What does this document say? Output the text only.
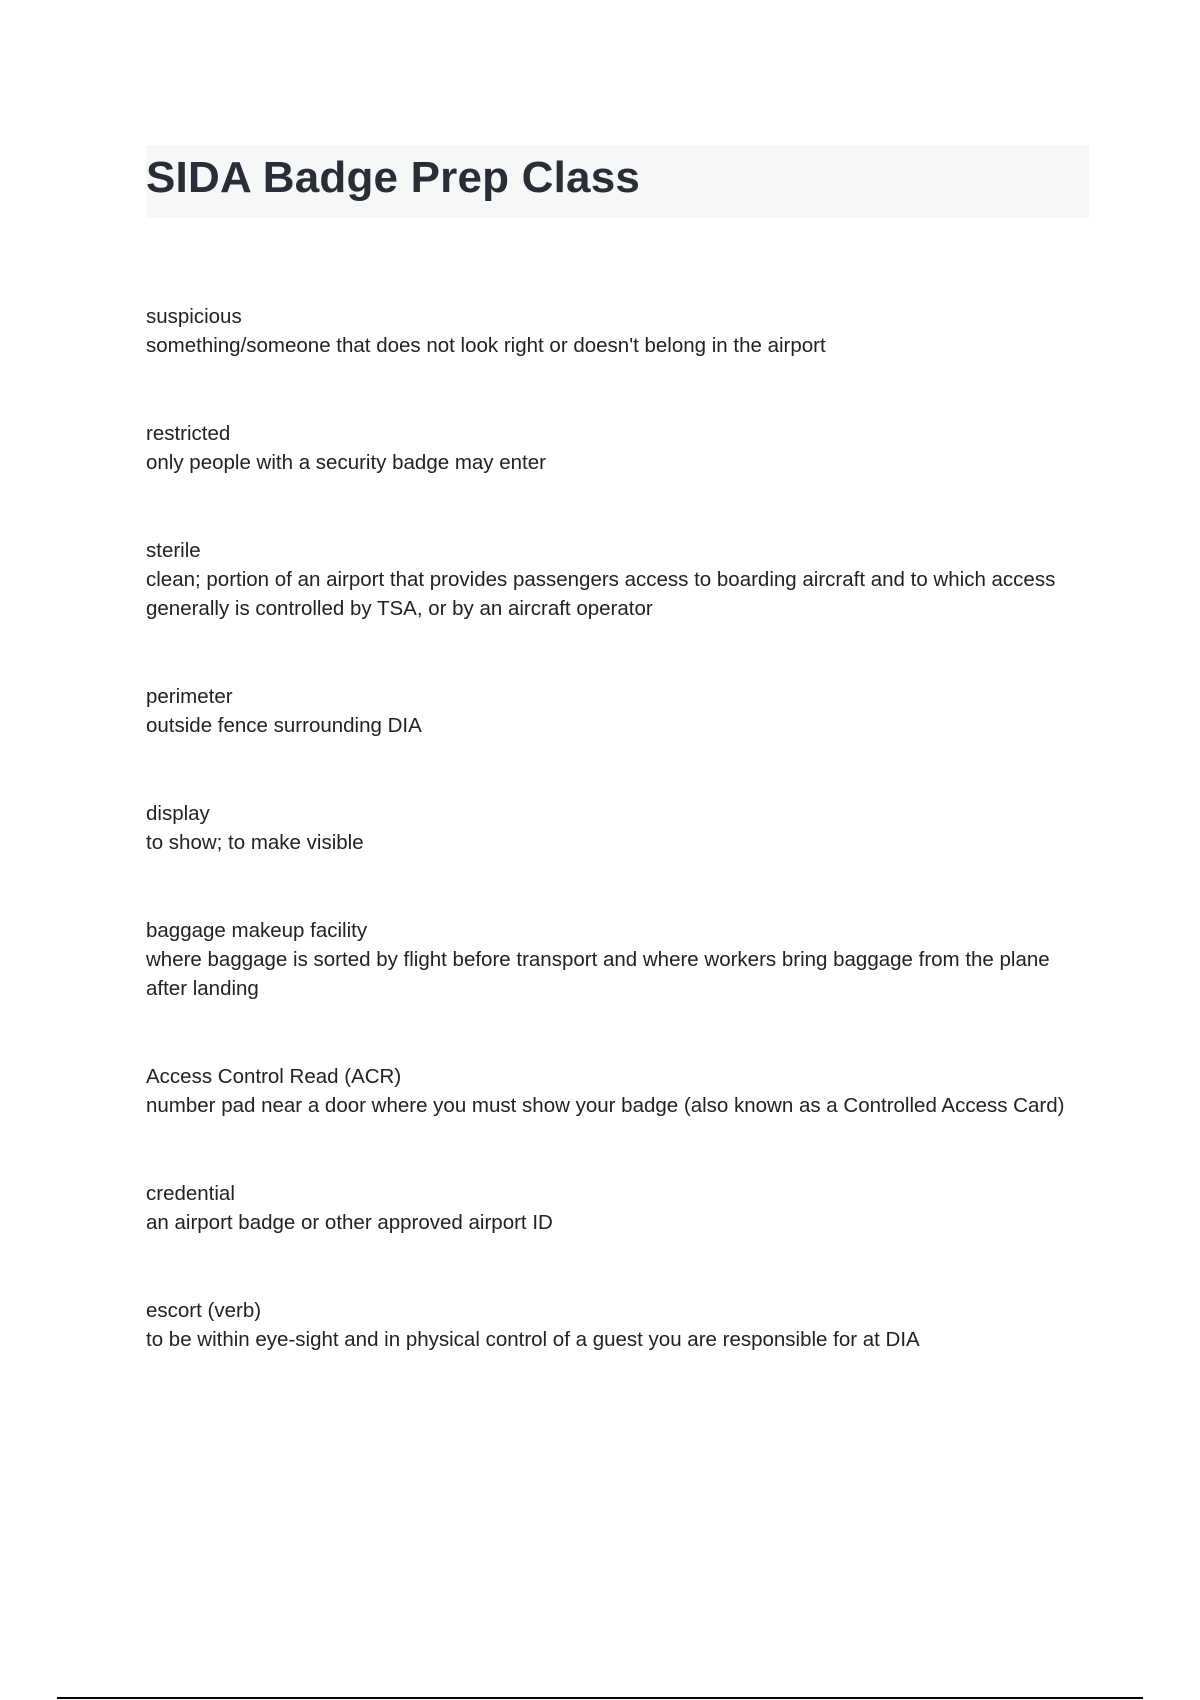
SIDA Badge Prep Class
suspicious
something/someone that does not look right or doesn't belong in the airport
restricted
only people with a security badge may enter
sterile
clean; portion of an airport that provides passengers access to boarding aircraft and to which access generally is controlled by TSA, or by an aircraft operator
perimeter
outside fence surrounding DIA
display
to show; to make visible
baggage makeup facility
where baggage is sorted by flight before transport and where workers bring baggage from the plane after landing
Access Control Read (ACR)
number pad near a door where you must show your badge (also known as a Controlled Access Card)
credential
an airport badge or other approved airport ID
escort (verb)
to be within eye-sight and in physical control of a guest you are responsible for at DIA
